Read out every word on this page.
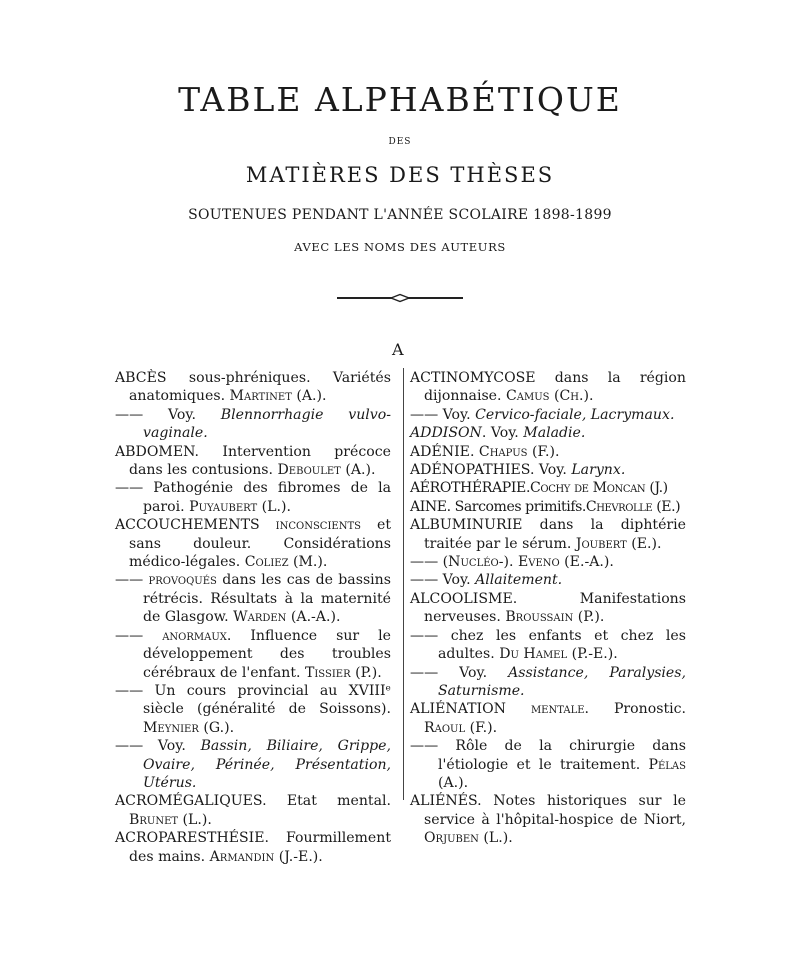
TABLE ALPHABÉTIQUE
DES
MATIÈRES DES THÈSES
SOUTENUES PENDANT L'ANNÉE SCOLAIRE 1898-1899
AVEC LES NOMS DES AUTEURS
A
ABCÈS sous-phréniques. Variétés anatomiques. Martinet (A.).
—— Voy. Blennorrhagie vulvo-vaginale.
ABDOMEN. Intervention précoce dans les contusions. Deboulet (A.).
—— Pathogénie des fibromes de la paroi. Puyaubert (L.).
ACCOUCHEMENTS inconscients et sans douleur. Considérations médico-légales. Coliez (M.).
—— provoqués dans les cas de bassins rétrécis. Résultats à la maternité de Glasgow. Warden (A.-A.).
—— anormaux. Influence sur le développement des troubles cérébraux de l'enfant. Tissier (P.).
—— Un cours provincial au XVIIIᵉ siècle (généralité de Soissons). Meynier (G.).
—— Voy. Bassin, Biliaire, Grippe, Ovaire, Périnée, Présentation, Utérus.
ACROMÉGALIQUES. Etat mental. Brunet (L.).
ACROPARESTHÉSIE. Fourmillement des mains. Armandin (J.-E.).
ACTINOMYCOSE dans la région dijonnaise. Camus (Ch.).
—— Voy. Cervico-faciale, Lacrymaux.
ADDISON. Voy. Maladie.
ADÉNIE. Chapus (F.).
ADÉNOPATHIES. Voy. Larynx.
AÉROTHÉRAPIE.Cochy de Moncan (J.)
AINE. Sarcomes primitifs.Chevrolle (E.)
ALBUMINURIE dans la diphtérie traitée par le sérum. Joubert (E.).
—— (Nucléo-). Eveno (E.-A.).
—— Voy. Allaitement.
ALCOOLISME. Manifestations nerveuses. Broussain (P.).
—— chez les enfants et chez les adultes. Du Hamel (P.-E.).
—— Voy. Assistance, Paralysies, Saturnisme.
ALIÉNATION mentale. Pronostic. Raoul (F.).
—— Rôle de la chirurgie dans l'étiologie et le traitement. Pélas (A.).
ALIÉNÉS. Notes historiques sur le service à l'hôpital-hospice de Niort, Orjuben (L.).
